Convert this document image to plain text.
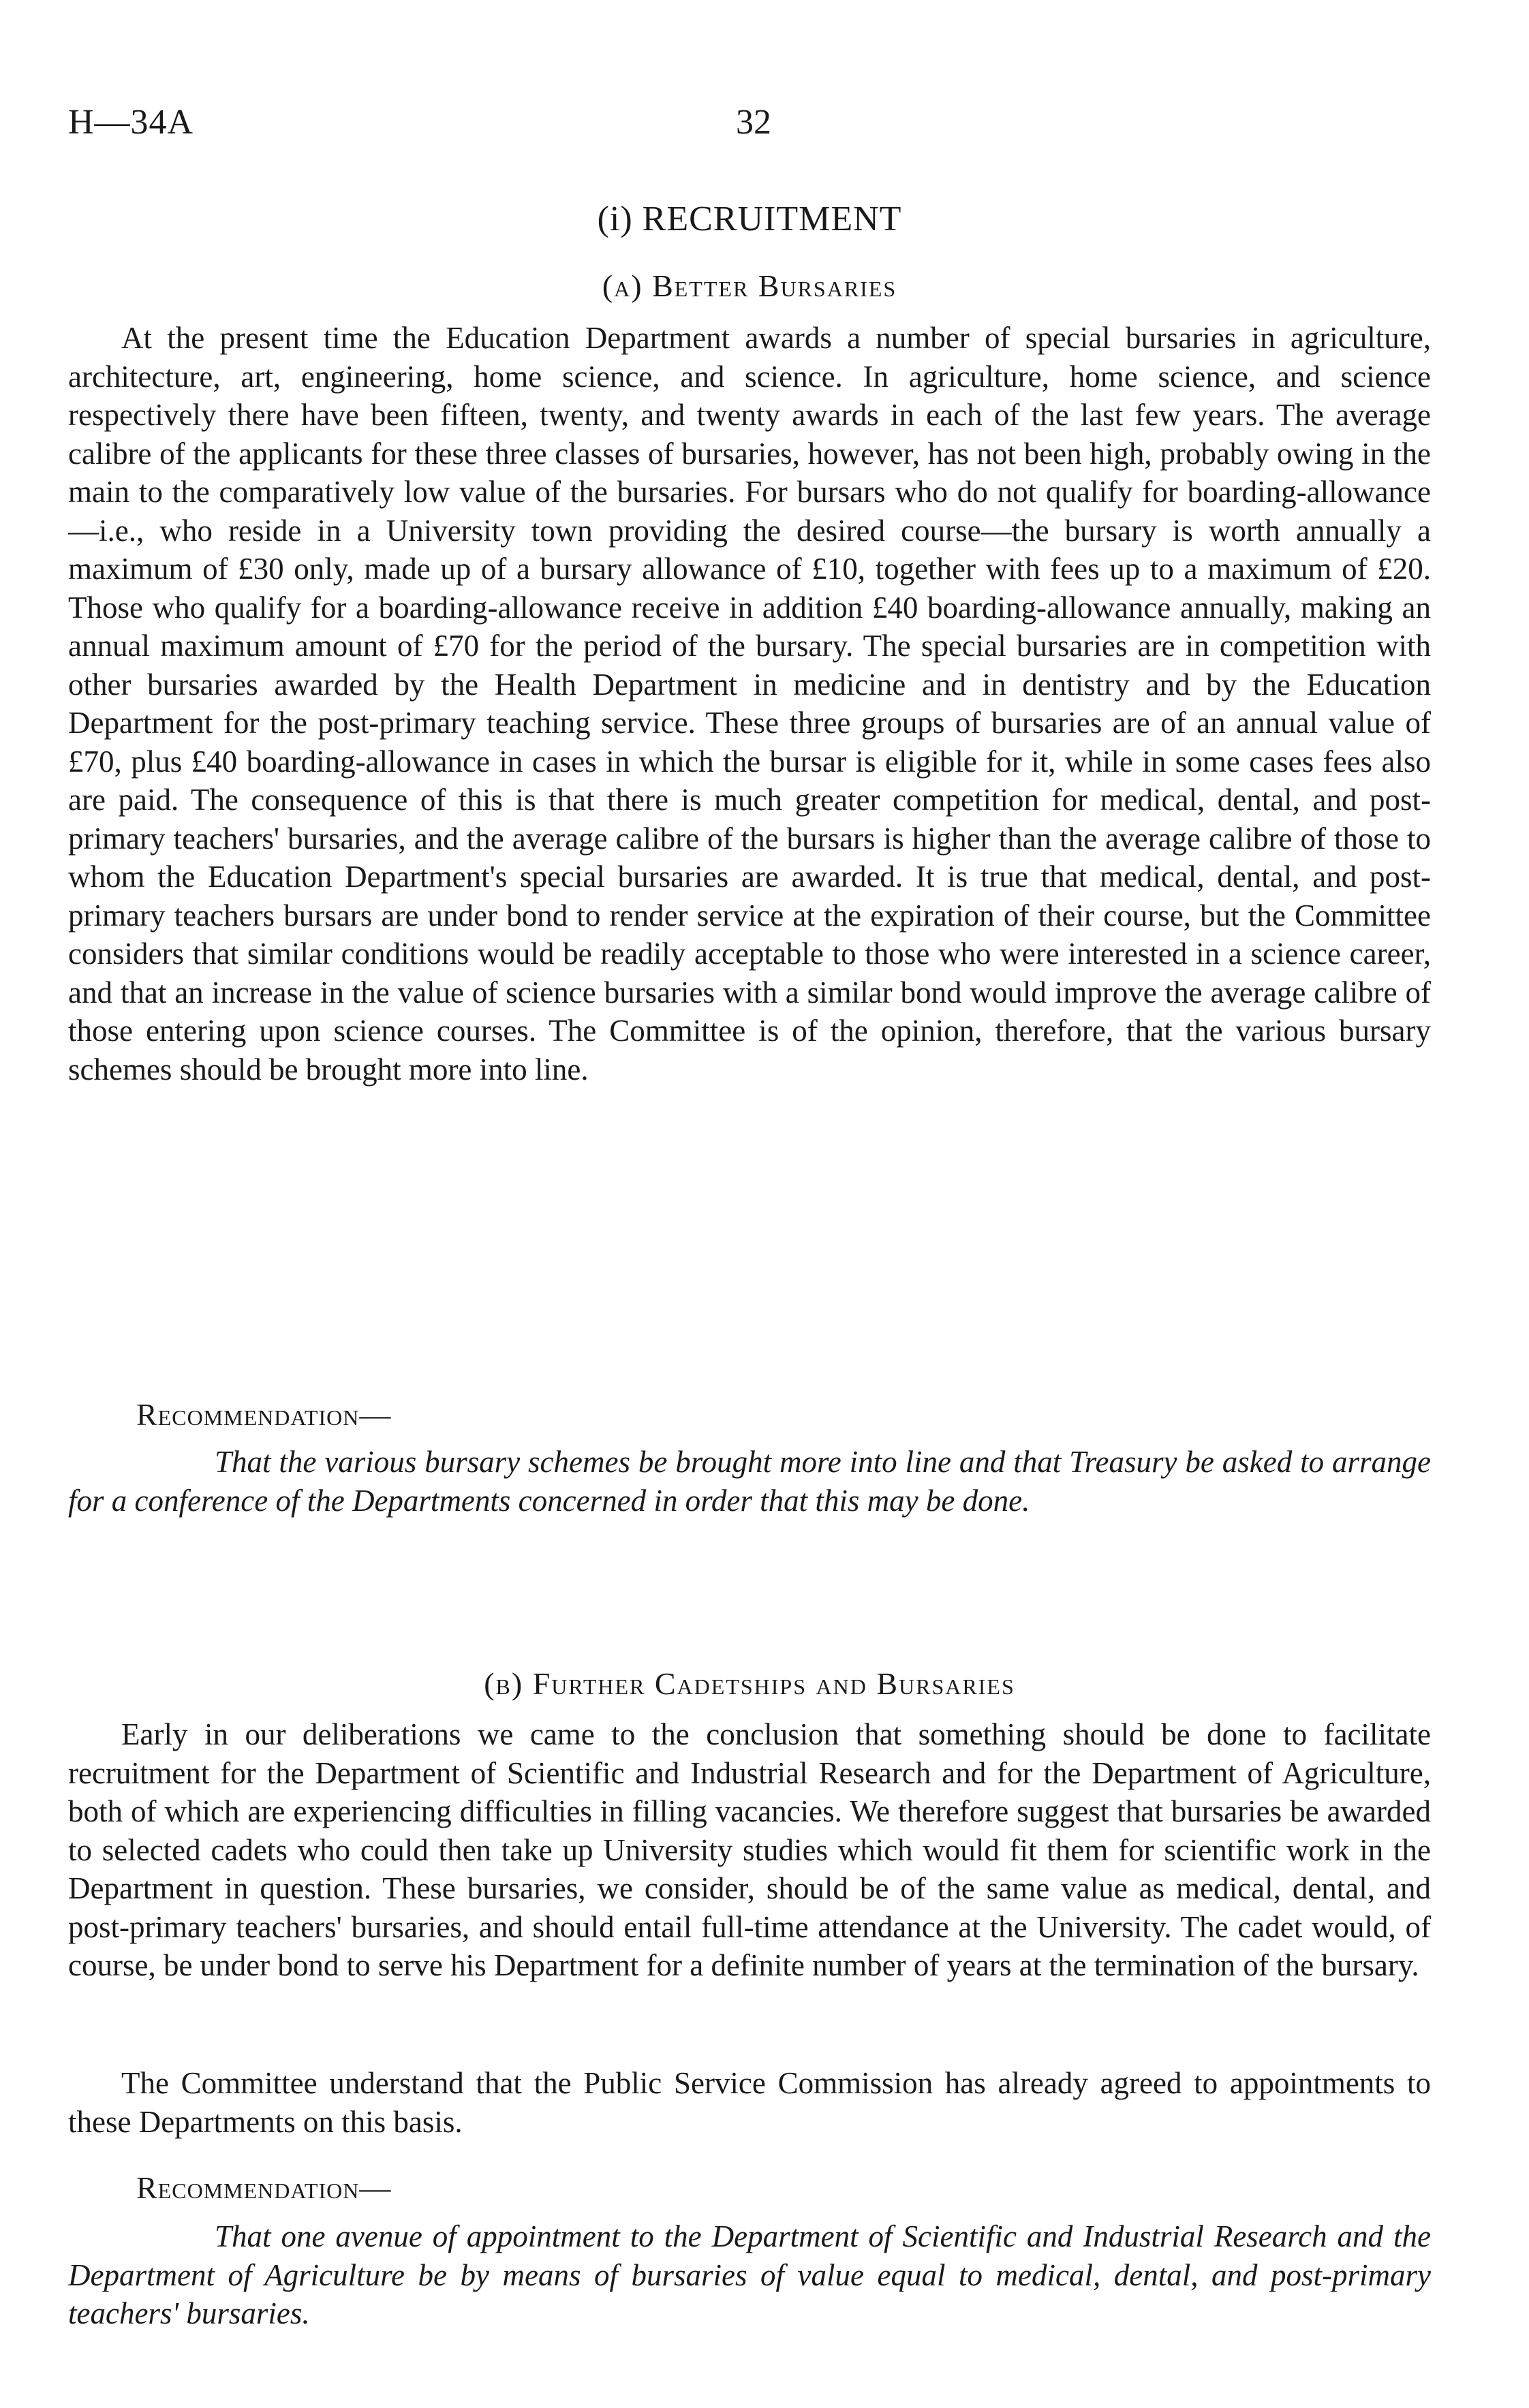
H—34A	32
(i) RECRUITMENT
(a) Better Bursaries

At the present time the Education Department awards a number of special bursaries in agriculture, architecture, art, engineering, home science, and science. In agriculture, home science, and science respectively there have been fifteen, twenty, and twenty awards in each of the last few years. The average calibre of the applicants for these three classes of bursaries, however, has not been high, probably owing in the main to the comparatively low value of the bursaries. For bursars who do not qualify for boarding-allowance—i.e., who reside in a University town providing the desired course—the bursary is worth annually a maximum of £30 only, made up of a bursary allowance of £10, together with fees up to a maximum of £20. Those who qualify for a boarding-allowance receive in addition £40 boarding-allowance annually, making an annual maximum amount of £70 for the period of the bursary. The special bursaries are in competition with other bursaries awarded by the Health Department in medicine and in dentistry and by the Education Department for the post-primary teaching service. These three groups of bursaries are of an annual value of £70, plus £40 boarding-allowance in cases in which the bursar is eligible for it, while in some cases fees also are paid. The consequence of this is that there is much greater competition for medical, dental, and post-primary teachers' bursaries, and the average calibre of the bursars is higher than the average calibre of those to whom the Education Department's special bursaries are awarded. It is true that medical, dental, and post-primary teachers bursars are under bond to render service at the expiration of their course, but the Committee considers that similar conditions would be readily acceptable to those who were interested in a science career, and that an increase in the value of science bursaries with a similar bond would improve the average calibre of those entering upon science courses. The Committee is of the opinion, therefore, that the various bursary schemes should be brought more into line.

Recommendation—

That the various bursary schemes be brought more into line and that Treasury be asked to arrange for a conference of the Departments concerned in order that this may be done.

(b) Further Cadetships and Bursaries

Early in our deliberations we came to the conclusion that something should be done to facilitate recruitment for the Department of Scientific and Industrial Research and for the Department of Agriculture, both of which are experiencing difficulties in filling vacancies. We therefore suggest that bursaries be awarded to selected cadets who could then take up University studies which would fit them for scientific work in the Department in question. These bursaries, we consider, should be of the same value as medical, dental, and post-primary teachers' bursaries, and should entail full-time attendance at the University. The cadet would, of course, be under bond to serve his Department for a definite number of years at the termination of the bursary.

The Committee understand that the Public Service Commission has already agreed to appointments to these Departments on this basis.

Recommendation—

That one avenue of appointment to the Department of Scientific and Industrial Research and the Department of Agriculture be by means of bursaries of value equal to medical, dental, and post-primary teachers' bursaries.
